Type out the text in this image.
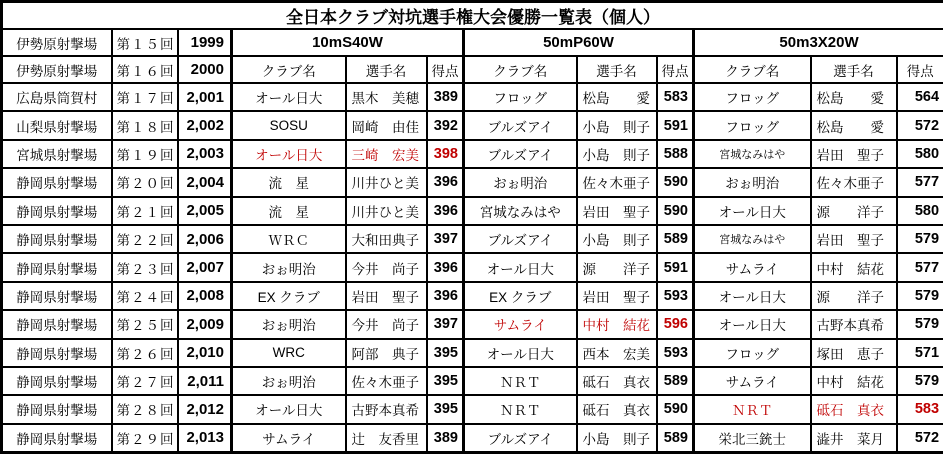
全日本クラブ対坑選手権大会優勝一覧表（個人）											
伊勢原射撃場	第１５回	1999	10mS40W			50mP60W			50m3X20W		
伊勢原射撃場	第１６回	2000	クラブ名	選手名	得点	クラブ名	選手名	得点	クラブ名	選手名	得点
広島県筒賀村	第１７回	2,001	オール日大	黒木　美穂	389	フロッグ	松島　　愛	583	フロッグ	松島　　愛	564
山梨県射撃場	第１８回	2,002	SOSU	岡崎　由佳	392	ブルズアイ	小島　則子	591	フロッグ	松島　　愛	572
宮城県射撃場	第１９回	2,003	オール日大	三崎　宏美	398	ブルズアイ	小島　則子	588	宮城なみはや	岩田　聖子	580
静岡県射撃場	第２０回	2,004	流　星	川井ひと美	396	おぉ明治	佐々木亜子	590	おぉ明治	佐々木亜子	577
静岡県射撃場	第２１回	2,005	流　星	川井ひと美	396	宮城なみはや	岩田　聖子	590	オール日大	源　　洋子	580
静岡県射撃場	第２２回	2,006	ＷＲＣ	大和田典子	397	ブルズアイ	小島　則子	589	宮城なみはや	岩田　聖子	579
静岡県射撃場	第２３回	2,007	おぉ明治	今井　尚子	396	オール日大	源　　洋子	591	サムライ	中村　結花	577
静岡県射撃場	第２４回	2,008	EX クラブ	岩田　聖子	396	EX クラブ	岩田　聖子	593	オール日大	源　　洋子	579
静岡県射撃場	第２５回	2,009	おぉ明治	今井　尚子	397	サムライ	中村　結花	596	オール日大	古野本真希	579
静岡県射撃場	第２６回	2,010	WRC	阿部　典子	395	オール日大	西本　宏美	593	フロッグ	塚田　恵子	571
静岡県射撃場	第２７回	2,011	おぉ明治	佐々木亜子	395	ＮＲＴ	砥石　真衣	589	サムライ	中村　結花	579
静岡県射撃場	第２８回	2,012	オール日大	古野本真希	395	ＮＲＴ	砥石　真衣	590	ＮＲＴ	砥石　真衣	583
静岡県射撃場	第２９回	2,013	サムライ	辻　友香里	389	ブルズアイ	小島　則子	589	栄北三銃士	澁井　菜月	572
